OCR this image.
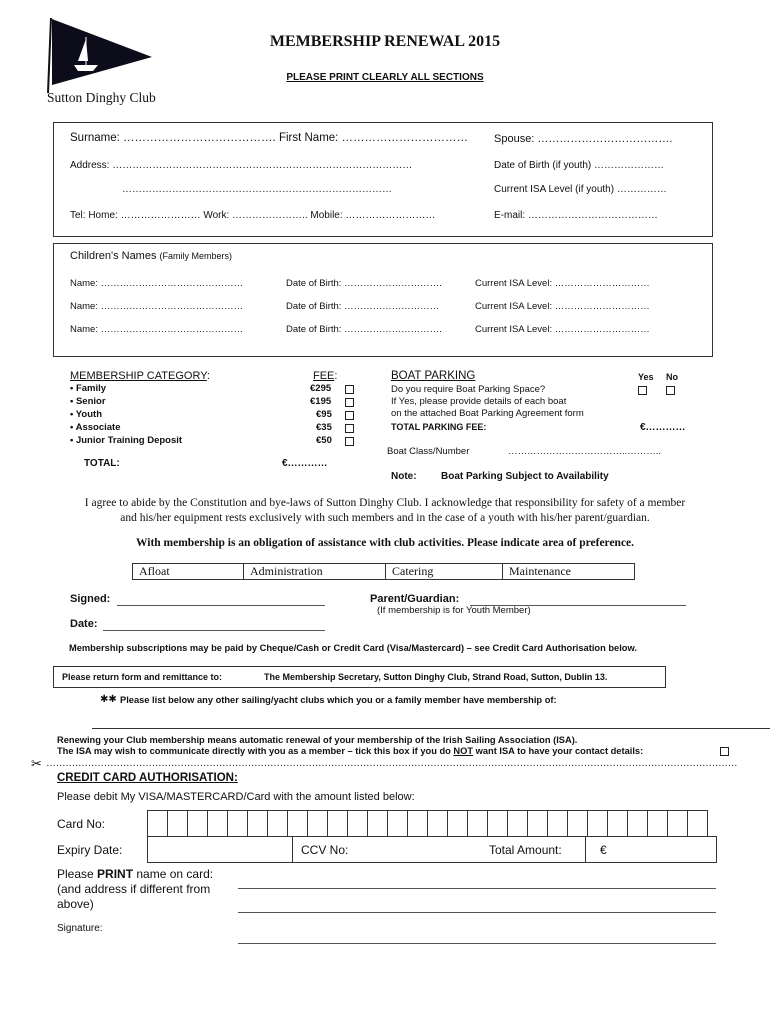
Sutton Dinghy Club
MEMBERSHIP RENEWAL 2015
PLEASE PRINT CLEARLY ALL SECTIONS
Surname: …………………………………. First Name: …………………………… Spouse: ……………………………….
Address: ………………………………………………………………………………	Date of Birth (if youth) …………………
………………………………………………………………………	Current ISA Level (if youth) ……………
Tel: Home: …………………… Work: ………………….. Mobile: ………………………	E-mail: …………………………………
Children's Names (Family Members)
Name: ………………………………………	Date of Birth: ………………………….	Current ISA Level: …………………………
Name: ………………………………………	Date of Birth: …………………………	Current ISA Level: …………………………
Name: ………………………………………	Date of Birth: ………………………….	Current ISA Level: …………………………
MEMBERSHIP CATEGORY:	FEE:
• Family	€295
• Senior	€195
• Youth	€95
• Associate	€35
• Junior Training Deposit	€50
TOTAL:	€…………
BOAT PARKING	Yes No
Do you require Boat Parking Space?
If Yes, please provide details of each boat
on the attached Boat Parking Agreement form
TOTAL PARKING FEE:	€…………
Boat Class/Number	………………………………..………..
Note: Boat Parking Subject to Availability
I agree to abide by the Constitution and bye-laws of Sutton Dinghy Club. I acknowledge that responsibility for safety of a member
and his/her equipment rests exclusively with such members and in the case of a youth with his/her parent/guardian.
With membership is an obligation of assistance with club activities. Please indicate area of preference.
Afloat	Administration	Catering	Maintenance
Signed:	Parent/Guardian:
(If membership is for Youth Member)
Date:
Membership subscriptions may be paid by Cheque/Cash or Credit Card (Visa/Mastercard) – see Credit Card Authorisation below.
Please return form and remittance to:	The Membership Secretary, Sutton Dinghy Club, Strand Road, Sutton, Dublin 13.
✱✱ Please list below any other sailing/yacht clubs which you or a family member have membership of:
Renewing your Club membership means automatic renewal of your membership of the Irish Sailing Association (ISA).
The ISA may wish to communicate directly with you as a member – tick this box if you do NOT want ISA to have your contact details:
✂ ………………………………………………………………………………………………………………………………………………………………………………………………
CREDIT CARD AUTHORISATION:
Please debit My VISA/MASTERCARD/Card with the amount listed below:
Card No:

Expiry Date:	CCV No:	Total Amount:	€
Please PRINT name on card:
(and address if different from
above)
Signature:
